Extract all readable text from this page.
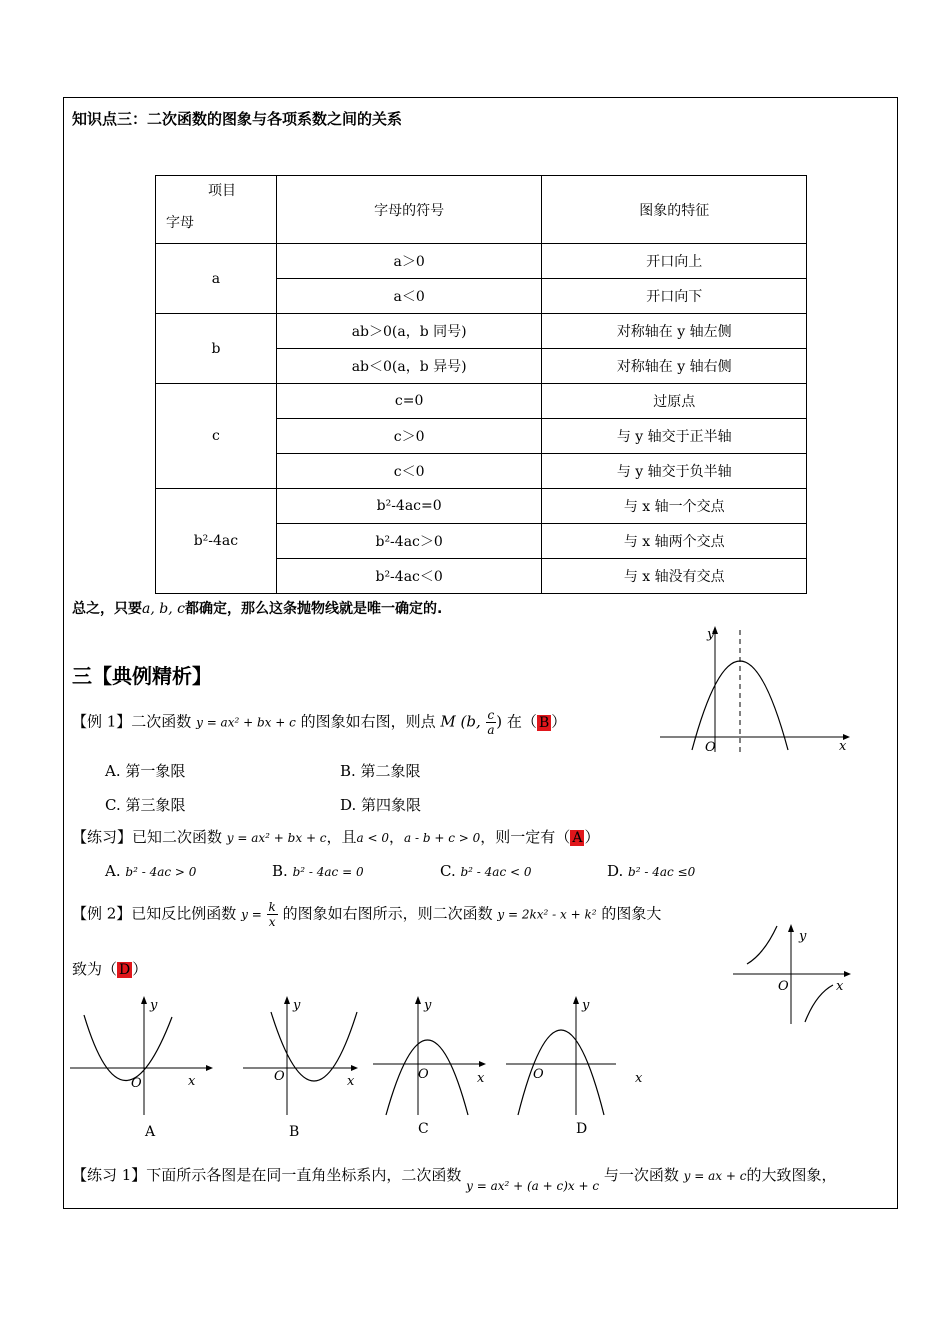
知识点三：二次函数的图象与各项系数之间的关系
项目
字母	字母的符号	图象的特征
a	a＞0	开口向上
	a＜0	开口向下
b	ab＞0(a，b 同号)	对称轴在 y 轴左侧
	ab＜0(a，b 异号)	对称轴在 y 轴右侧
c	c=0	过原点
	c＞0	与 y 轴交于正半轴
	c＜0	与 y 轴交于负半轴
b²-4ac	b²-4ac=0	与 x 轴一个交点
	b²-4ac＞0	与 x 轴两个交点
	b²-4ac＜0	与 x 轴没有交点
总之，只要a, b, c都确定，那么这条抛物线就是唯一确定的.
三【典例精析】
【例 1】二次函数 y = ax² + bx + c 的图象如右图，则点 M (b, $\frac{c}{a}$ ) 在（ B ）
A. 第一象限	B. 第二象限
C. 第三象限	D. 第四象限
y
x
O
【练习】已知二次函数 y = ax² + bx + c，且a < 0，a - b + c > 0，则一定有（ A ）
A. b² - 4ac > 0	B. b² - 4ac = 0	C. b² - 4ac < 0	D. b² - 4ac ≤0
【例 2】已知反比例函数 $y = \frac{k}{x}$ 的图象如右图所示，则二次函数 y = 2kx² - x + k² 的图象大
致为（ D ）
y
x
O
y
x
O
A
y
x
O
B
y
x
O
C
y
x
O
D
【练习 1】下面所示各图是在同一直角坐标系内，二次函数 $_{y = ax^2 + (a + c)x + c}$ 与一次函数 y = ax + c的大致图象，
